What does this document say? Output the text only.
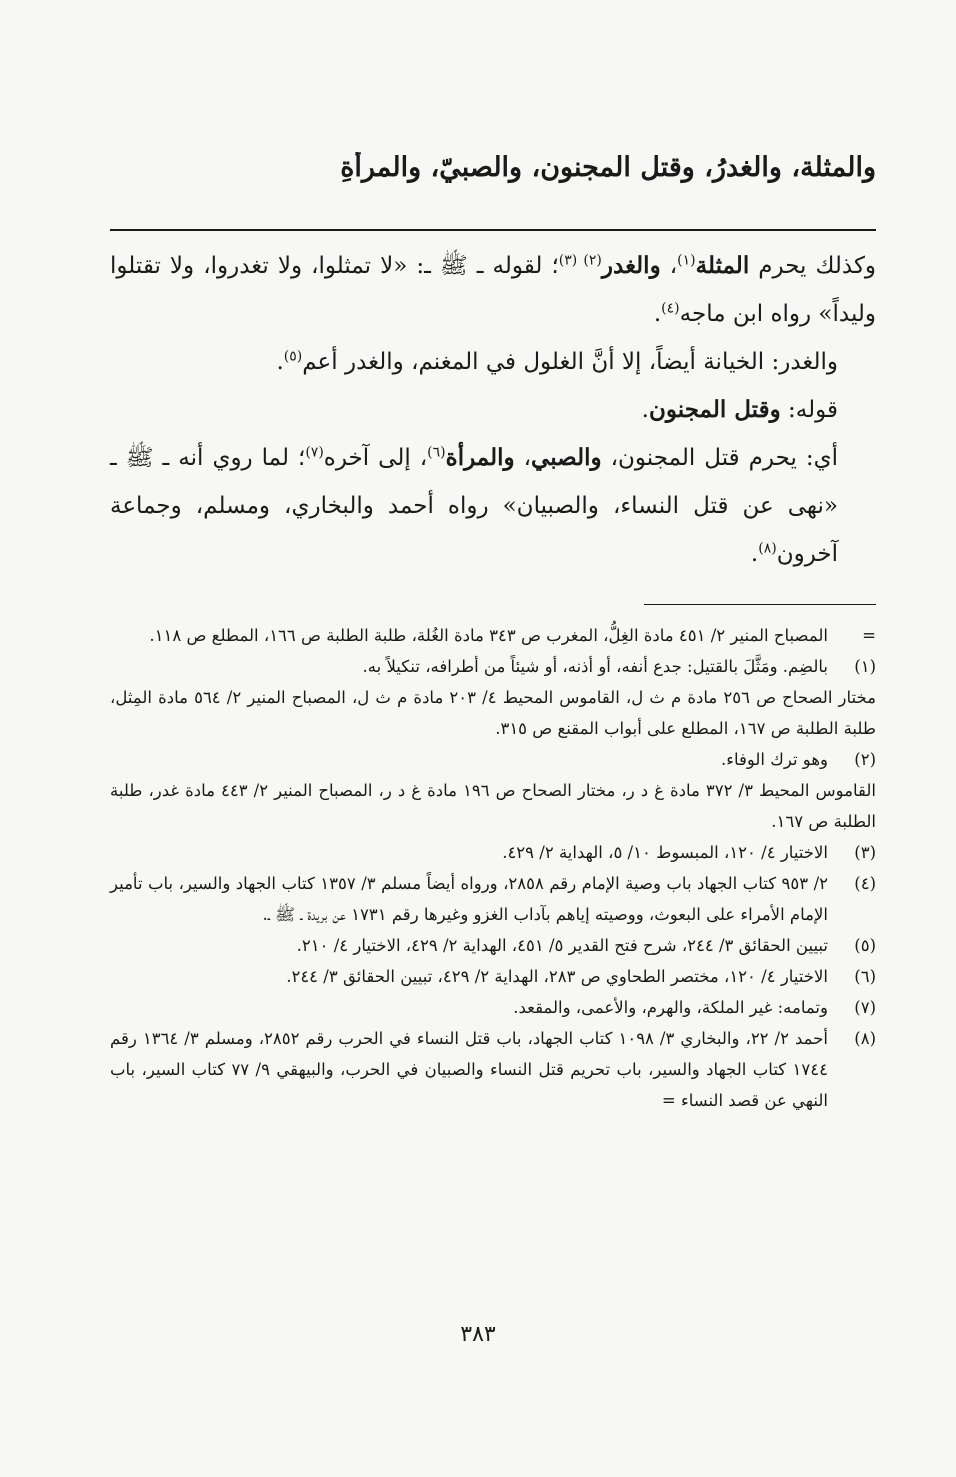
والمثلة، والغدرُ، وقتل المجنون، والصبيّ، والمرأةِ

وكذلك يحرم المثلة$^{(١)}$، والغدر$^{(٢) (٣)}$؛ لقوله ـ ﷺ ـ: «لا تمثلوا، ولا تغدروا، ولا تقتلوا وليداً» رواه ابن ماجه$^{(٤)}$.

والغدر: الخيانة أيضاً، إلا أنَّ الغلول في المغنم، والغدر أعم$^{(٥)}$.

قوله: وقتل المجنون.

أي: يحرم قتل المجنون، والصبي، والمرأة$^{(٦)}$، إلى آخره$^{(٧)}$؛ لما روي أنه ـ ﷺ ـ «نهى عن قتل النساء، والصبيان» رواه أحمد والبخاري، ومسلم، وجماعة آخرون$^{(٨)}$.

=

المصباح المنير ٢/ ٤٥١ مادة الغِلُّ، المغرب ص ٣٤٣ مادة الغُلة، طلبة الطلبة ص ١٦٦، المطلع ص ١١٨.

(١)

بالضِم. ومَثَّلَ بالقتيل: جدع أنفه، أو أذنه، أو شيئاً من أطرافه، تنكيلاً به.

مختار الصحاح ص ٢٥٦ مادة م ث ل، القاموس المحيط ٤/ ٢٠٣ مادة م ث ل، المصباح المنير ٢/ ٥٦٤ مادة المِثل، طلبة الطلبة ص ١٦٧، المطلع على أبواب المقنع ص ٣١٥.

(٢)

وهو ترك الوفاء.

القاموس المحيط ٣/ ٣٧٢ مادة غ د ر، مختار الصحاح ص ١٩٦ مادة غ د ر، المصباح المنير ٢/ ٤٤٣ مادة غدر، طلبة الطلبة ص ١٦٧.

(٣)

الاختيار ٤/ ١٢٠، المبسوط ١٠/ ٥، الهداية ٢/ ٤٢٩.

(٤)

٢/ ٩٥٣ كتاب الجهاد باب وصية الإمام رقم ٢٨٥٨، ورواه أيضاً مسلم ٣/ ١٣٥٧ كتاب الجهاد والسير، باب تأمير الإمام الأمراء على البعوث، ووصيته إياهم بآداب الغزو وغيرها رقم ١٧٣١ عن بريدة ـ ﷺ ـ.

(٥)

تبيين الحقائق ٣/ ٢٤٤، شرح فتح القدير ٥/ ٤٥١، الهداية ٢/ ٤٢٩، الاختيار ٤/ ٢١٠.

(٦)

الاختيار ٤/ ١٢٠، مختصر الطحاوي ص ٢٨٣، الهداية ٢/ ٤٢٩، تبيين الحقائق ٣/ ٢٤٤.

(٧)

وتمامه: غير الملكة، والهرم، والأعمى، والمقعد.

(٨)

أحمد ٢/ ٢٢، والبخاري ٣/ ١٠٩٨ كتاب الجهاد، باب قتل النساء في الحرب رقم ٢٨٥٢، ومسلم ٣/ ١٣٦٤ رقم ١٧٤٤ كتاب الجهاد والسير، باب تحريم قتل النساء والصبيان في الحرب، والبيهقي ٩/ ٧٧ كتاب السير، باب النهي عن قصد النساء =

٣٨٣
